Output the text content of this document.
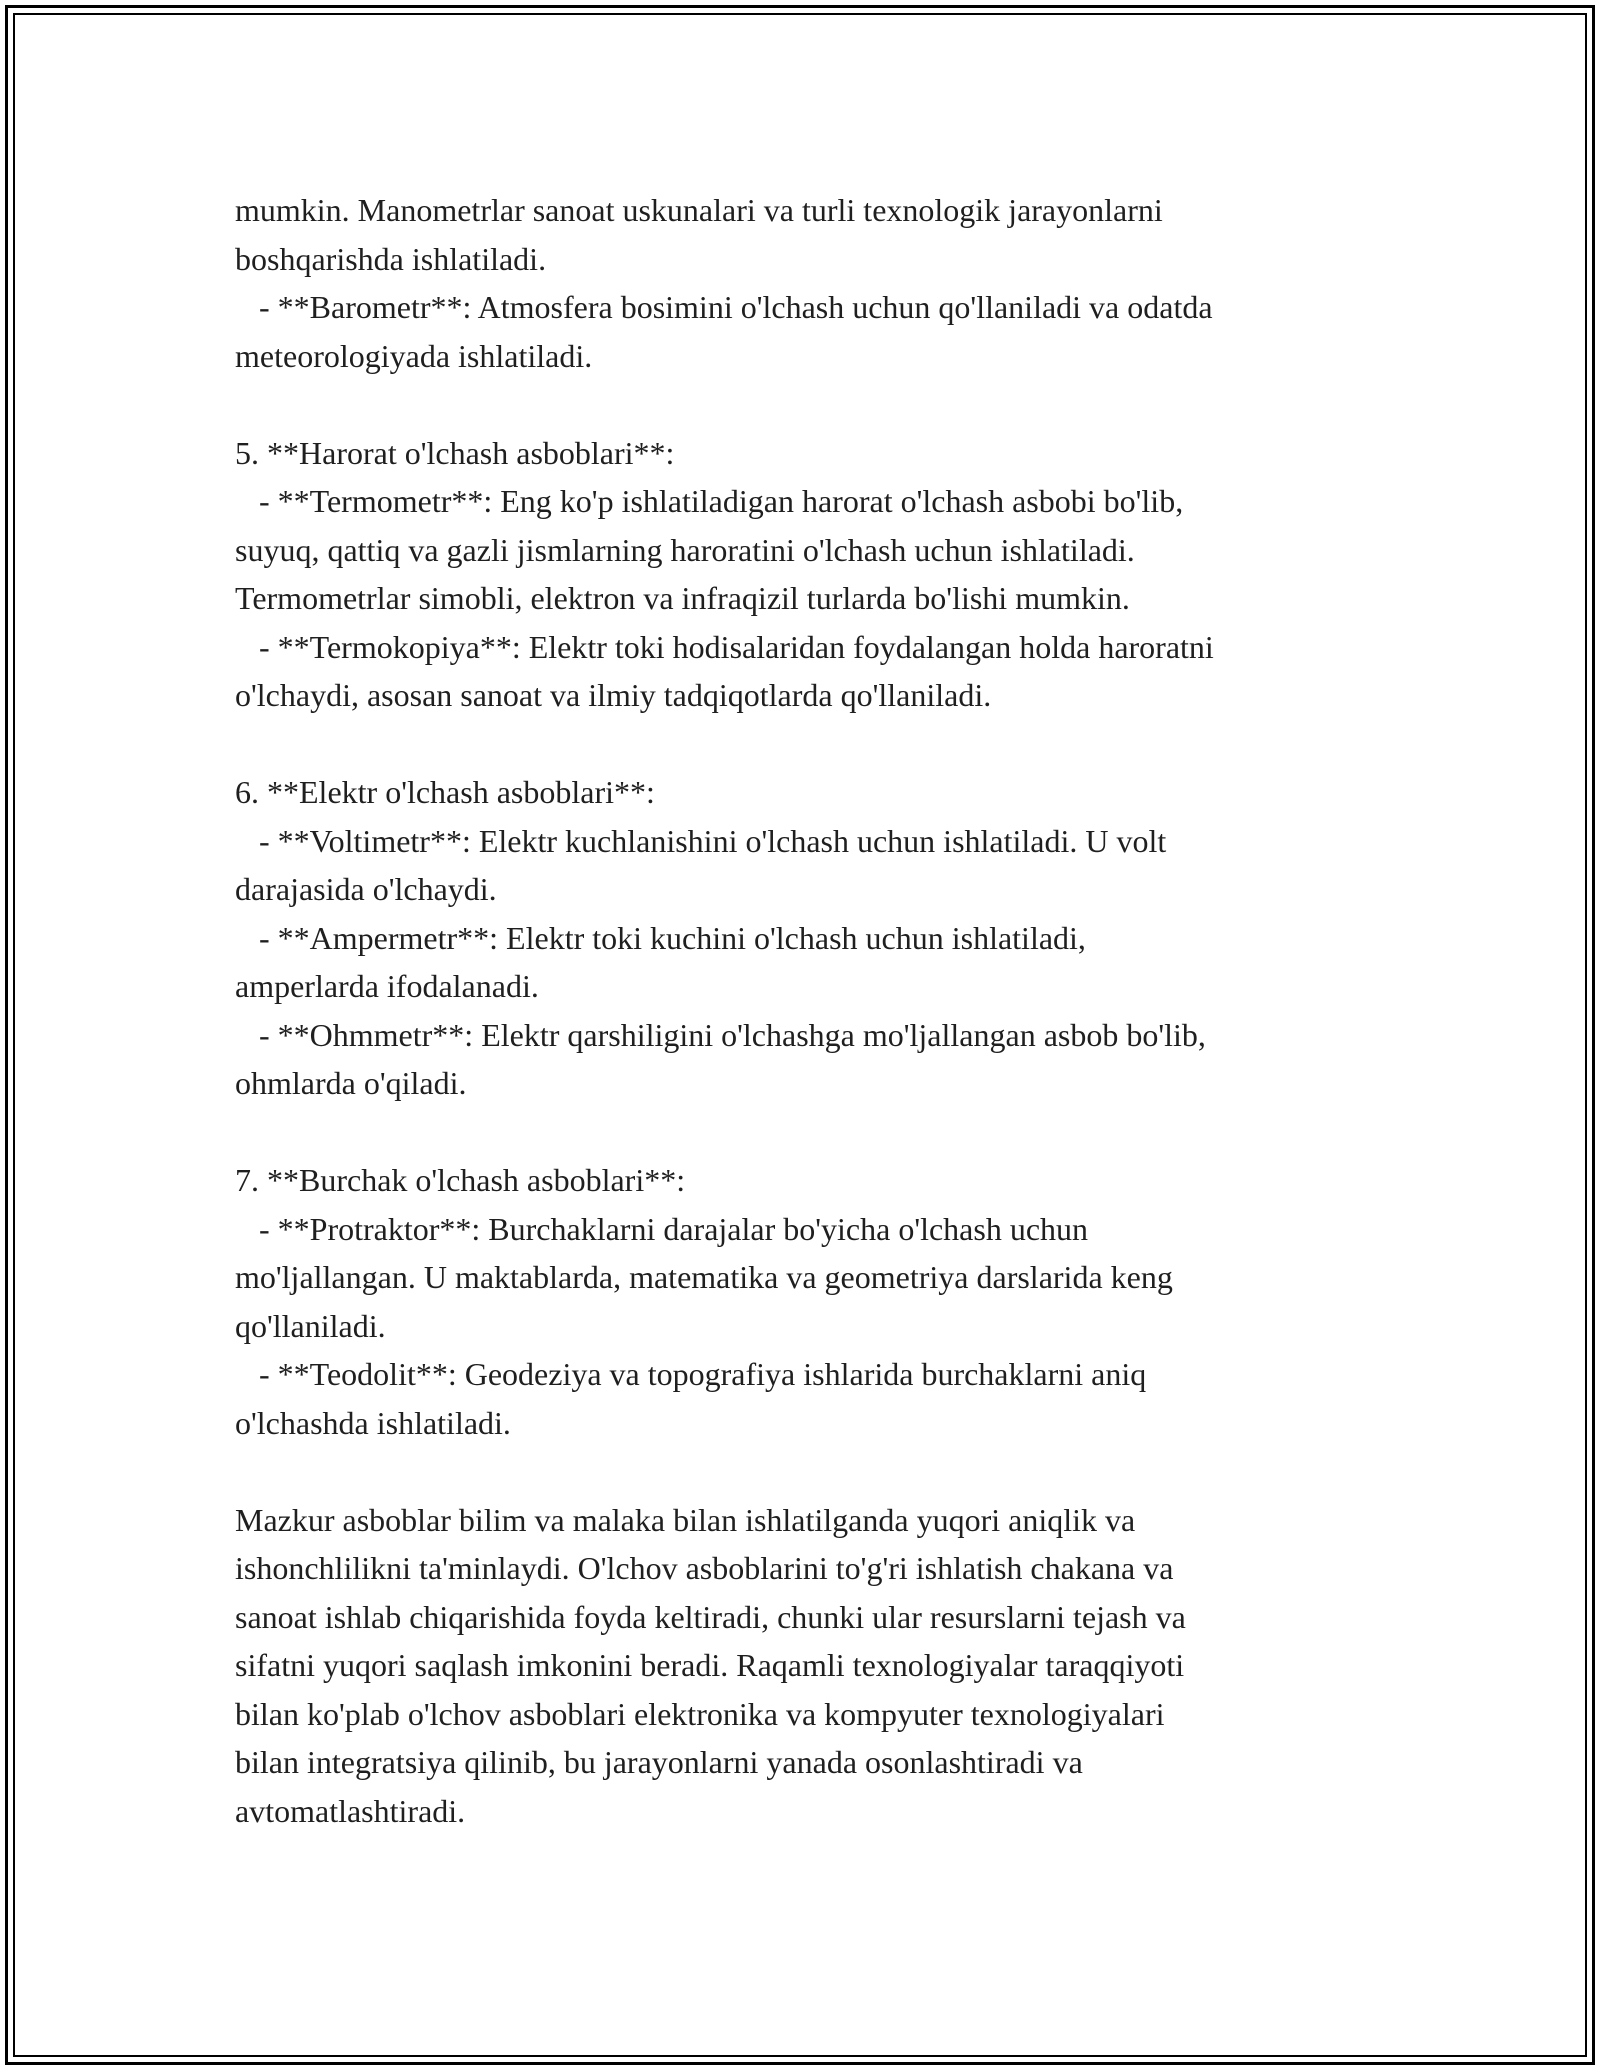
mumkin. Manometrlar sanoat uskunalari va turli texnologik jarayonlarni
boshqarishda ishlatiladi.
- **Barometr**: Atmosfera bosimini o'lchash uchun qo'llaniladi va odatda
meteorologiyada ishlatiladi.
5. **Harorat o'lchash asboblari**:
- **Termometr**: Eng ko'p ishlatiladigan harorat o'lchash asbobi bo'lib,
suyuq, qattiq va gazli jismlarning haroratini o'lchash uchun ishlatiladi.
Termometrlar simobli, elektron va infraqizil turlarda bo'lishi mumkin.
- **Termokopiya**: Elektr toki hodisalaridan foydalangan holda haroratni
o'lchaydi, asosan sanoat va ilmiy tadqiqotlarda qo'llaniladi.
6. **Elektr o'lchash asboblari**:
- **Voltimetr**: Elektr kuchlanishini o'lchash uchun ishlatiladi. U volt
darajasida o'lchaydi.
- **Ampermetr**: Elektr toki kuchini o'lchash uchun ishlatiladi,
amperlarda ifodalanadi.
- **Ohmmetr**: Elektr qarshiligini o'lchashga mo'ljallangan asbob bo'lib,
ohmlarda o'qiladi.
7. **Burchak o'lchash asboblari**:
- **Protraktor**: Burchaklarni darajalar bo'yicha o'lchash uchun
mo'ljallangan. U maktablarda, matematika va geometriya darslarida keng
qo'llaniladi.
- **Teodolit**: Geodeziya va topografiya ishlarida burchaklarni aniq
o'lchashda ishlatiladi.
Mazkur asboblar bilim va malaka bilan ishlatilganda yuqori aniqlik va
ishonchlilikni ta'minlaydi. O'lchov asboblarini to'g'ri ishlatish chakana va
sanoat ishlab chiqarishida foyda keltiradi, chunki ular resurslarni tejash va
sifatni yuqori saqlash imkonini beradi. Raqamli texnologiyalar taraqqiyoti
bilan ko'plab o'lchov asboblari elektronika va kompyuter texnologiyalari
bilan integratsiya qilinib, bu jarayonlarni yanada osonlashtiradi va
avtomatlashtiradi.
